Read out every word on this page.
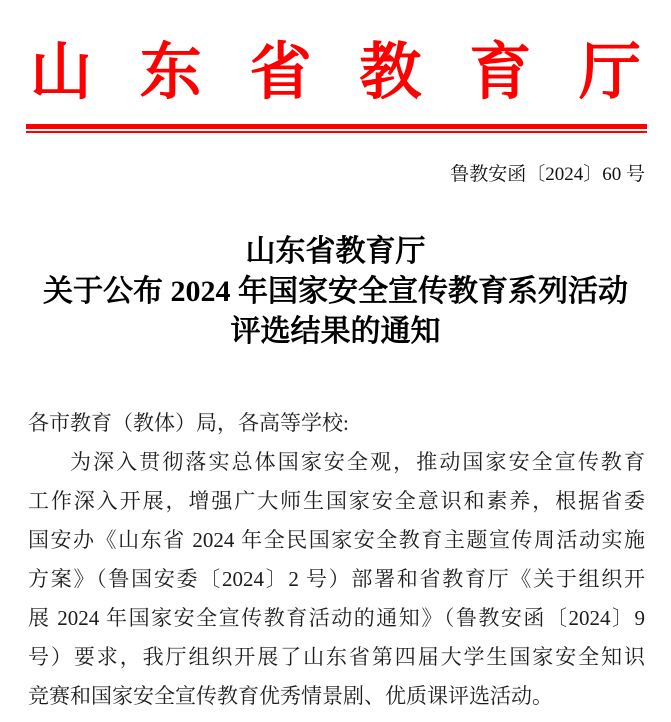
山 东 省 教 育 厅
鲁教安函〔2024〕60 号
山东省教育厅
关于公布 2024 年国家安全宣传教育系列活动
评选结果的通知
各市教育（教体）局，各高等学校:
为深入贯彻落实总体国家安全观，推动国家安全宣传教育
工作深入开展，增强广大师生国家安全意识和素养，根据省委
国安办《山东省 2024 年全民国家安全教育主题宣传周活动实施
方案》（鲁国安委〔2024〕2 号）部署和省教育厅《关于组织开
展 2024 年国家安全宣传教育活动的通知》（鲁教安函〔2024〕9
号）要求，我厅组织开展了山东省第四届大学生国家安全知识
竞赛和国家安全宣传教育优秀情景剧、优质课评选活动。
